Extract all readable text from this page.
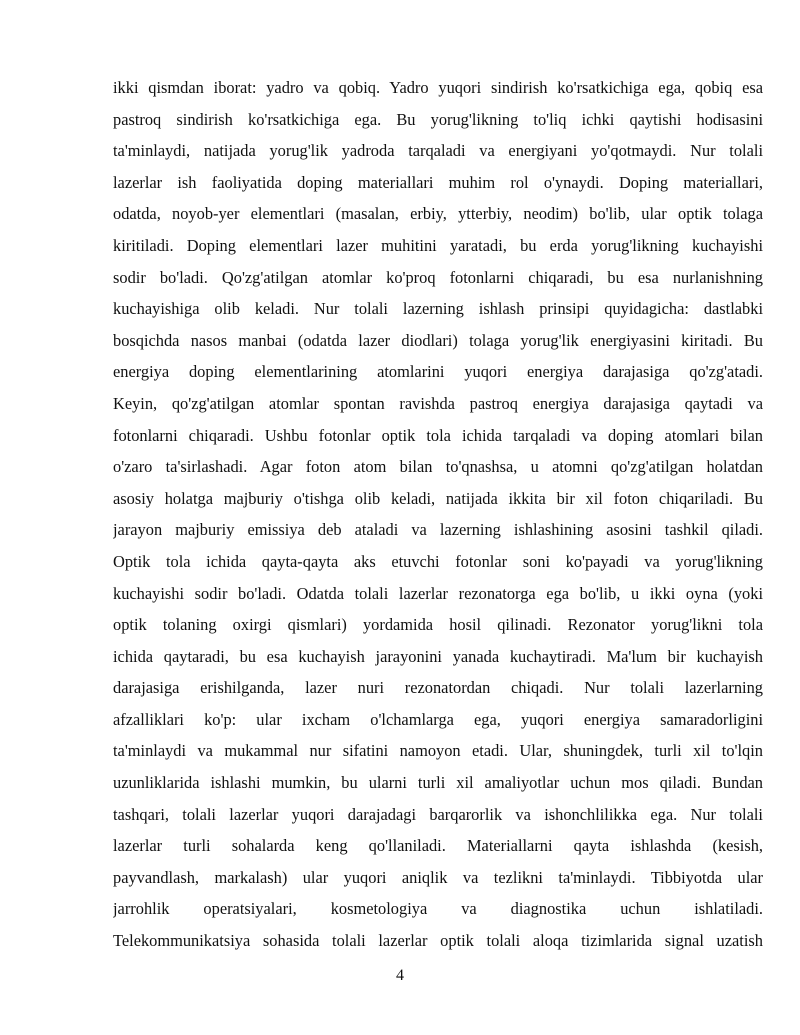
ikki qismdan iborat: yadro va qobiq. Yadro yuqori sindirish ko'rsatkichiga ega, qobiq esa
pastroq sindirish ko'rsatkichiga ega. Bu yorug'likning to'liq ichki qaytishi hodisasini
ta'minlaydi, natijada yorug'lik yadroda tarqaladi va energiyani yo'qotmaydi. Nur tolali
lazerlar ish faoliyatida doping materiallari muhim rol o'ynaydi. Doping materiallari,
odatda, noyob-yer elementlari (masalan, erbiy, ytterbiy, neodim) bo'lib, ular optik tolaga
kiritiladi. Doping elementlari lazer muhitini yaratadi, bu erda yorug'likning kuchayishi
sodir bo'ladi. Qo'zg'atilgan atomlar ko'proq fotonlarni chiqaradi, bu esa nurlanishning
kuchayishiga olib keladi. Nur tolali lazerning ishlash prinsipi quyidagicha: dastlabki
bosqichda nasos manbai (odatda lazer diodlari) tolaga yorug'lik energiyasini kiritadi. Bu
energiya doping elementlarining atomlarini yuqori energiya darajasiga qo'zg'atadi.
Keyin, qo'zg'atilgan atomlar spontan ravishda pastroq energiya darajasiga qaytadi va
fotonlarni chiqaradi. Ushbu fotonlar optik tola ichida tarqaladi va doping atomlari bilan
o'zaro ta'sirlashadi. Agar foton atom bilan to'qnashsa, u atomni qo'zg'atilgan holatdan
asosiy holatga majburiy o'tishga olib keladi, natijada ikkita bir xil foton chiqariladi. Bu
jarayon majburiy emissiya deb ataladi va lazerning ishlashining asosini tashkil qiladi.
Optik tola ichida qayta-qayta aks etuvchi fotonlar soni ko'payadi va yorug'likning
kuchayishi sodir bo'ladi. Odatda tolali lazerlar rezonatorga ega bo'lib, u ikki oyna (yoki
optik tolaning oxirgi qismlari) yordamida hosil qilinadi. Rezonator yorug'likni tola
ichida qaytaradi, bu esa kuchayish jarayonini yanada kuchaytiradi. Ma'lum bir kuchayish
darajasiga erishilganda, lazer nuri rezonatordan chiqadi. Nur tolali lazerlarning
afzalliklari ko'p: ular ixcham o'lchamlarga ega, yuqori energiya samaradorligini
ta'minlaydi va mukammal nur sifatini namoyon etadi. Ular, shuningdek, turli xil to'lqin
uzunliklarida ishlashi mumkin, bu ularni turli xil amaliyotlar uchun mos qiladi. Bundan
tashqari, tolali lazerlar yuqori darajadagi barqarorlik va ishonchlilikka ega. Nur tolali
lazerlar turli sohalarda keng qo'llaniladi. Materiallarni qayta ishlashda (kesish,
payvandlash, markalash) ular yuqori aniqlik va tezlikni ta'minlaydi. Tibbiyotda ular
jarrohlik operatsiyalari, kosmetologiya va diagnostika uchun ishlatiladi.
Telekommunikatsiya sohasida tolali lazerlar optik tolali aloqa tizimlarida signal uzatish
4
